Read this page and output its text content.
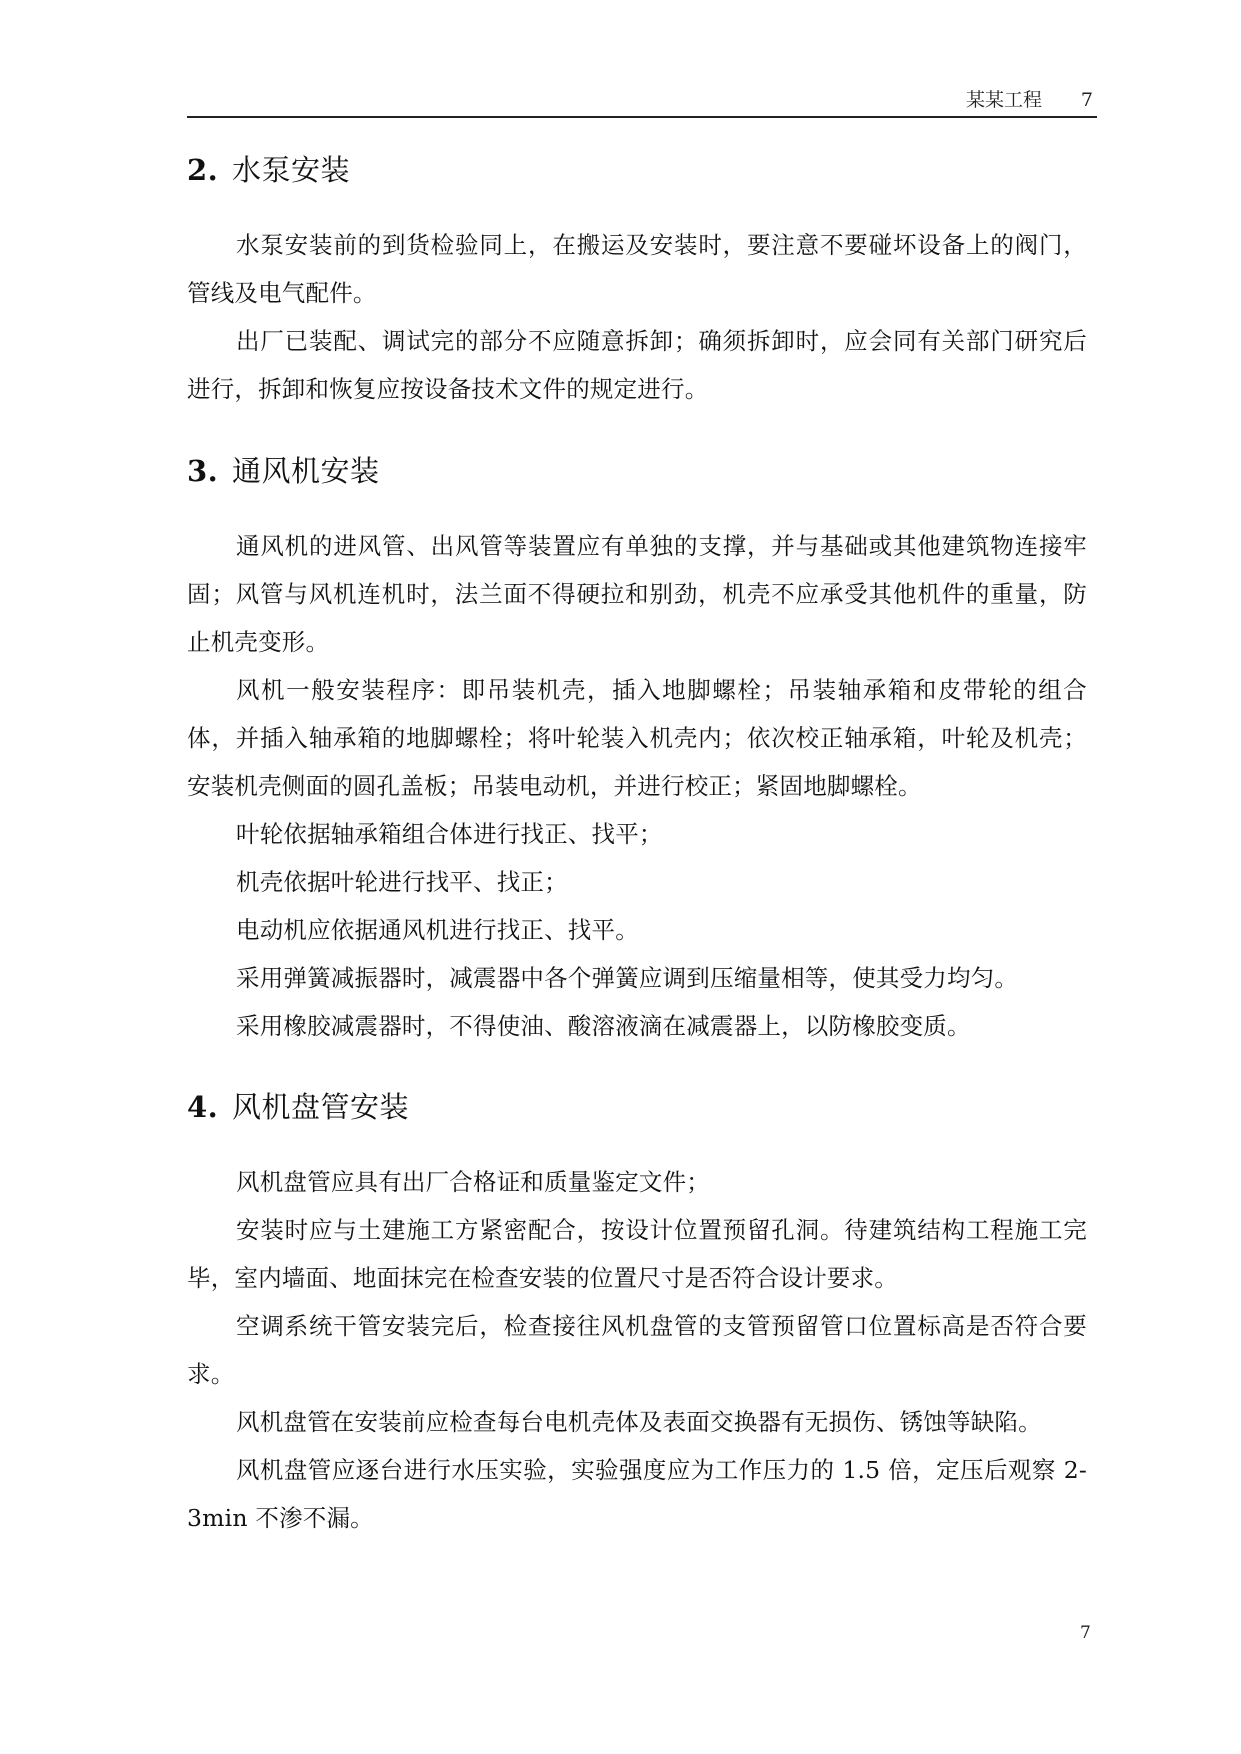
某某工程 7
2. 水泵安装

水泵安装前的到货检验同上，在搬运及安装时，要注意不要碰坏设备上的阀门，管线及电气配件。

出厂已装配、调试完的部分不应随意拆卸；确须拆卸时，应会同有关部门研究后进行，拆卸和恢复应按设备技术文件的规定进行。

3. 通风机安装

通风机的进风管、出风管等装置应有单独的支撑，并与基础或其他建筑物连接牢固；风管与风机连机时，法兰面不得硬拉和别劲，机壳不应承受其他机件的重量，防止机壳变形。

风机一般安装程序：即吊装机壳，插入地脚螺栓；吊装轴承箱和皮带轮的组合体，并插入轴承箱的地脚螺栓；将叶轮装入机壳内；依次校正轴承箱，叶轮及机壳；安装机壳侧面的圆孔盖板；吊装电动机，并进行校正；紧固地脚螺栓。

叶轮依据轴承箱组合体进行找正、找平；

机壳依据叶轮进行找平、找正；

电动机应依据通风机进行找正、找平。

采用弹簧减振器时，减震器中各个弹簧应调到压缩量相等，使其受力均匀。

采用橡胶减震器时，不得使油、酸溶液滴在减震器上，以防橡胶变质。

4. 风机盘管安装

风机盘管应具有出厂合格证和质量鉴定文件；

安装时应与土建施工方紧密配合，按设计位置预留孔洞。待建筑结构工程施工完毕，室内墙面、地面抹完在检查安装的位置尺寸是否符合设计要求。

空调系统干管安装完后，检查接往风机盘管的支管预留管口位置标高是否符合要求。

风机盘管在安装前应检查每台电机壳体及表面交换器有无损伤、锈蚀等缺陷。

风机盘管应逐台进行水压实验，实验强度应为工作压力的 1.5 倍，定压后观察 2-3min 不渗不漏。

7
